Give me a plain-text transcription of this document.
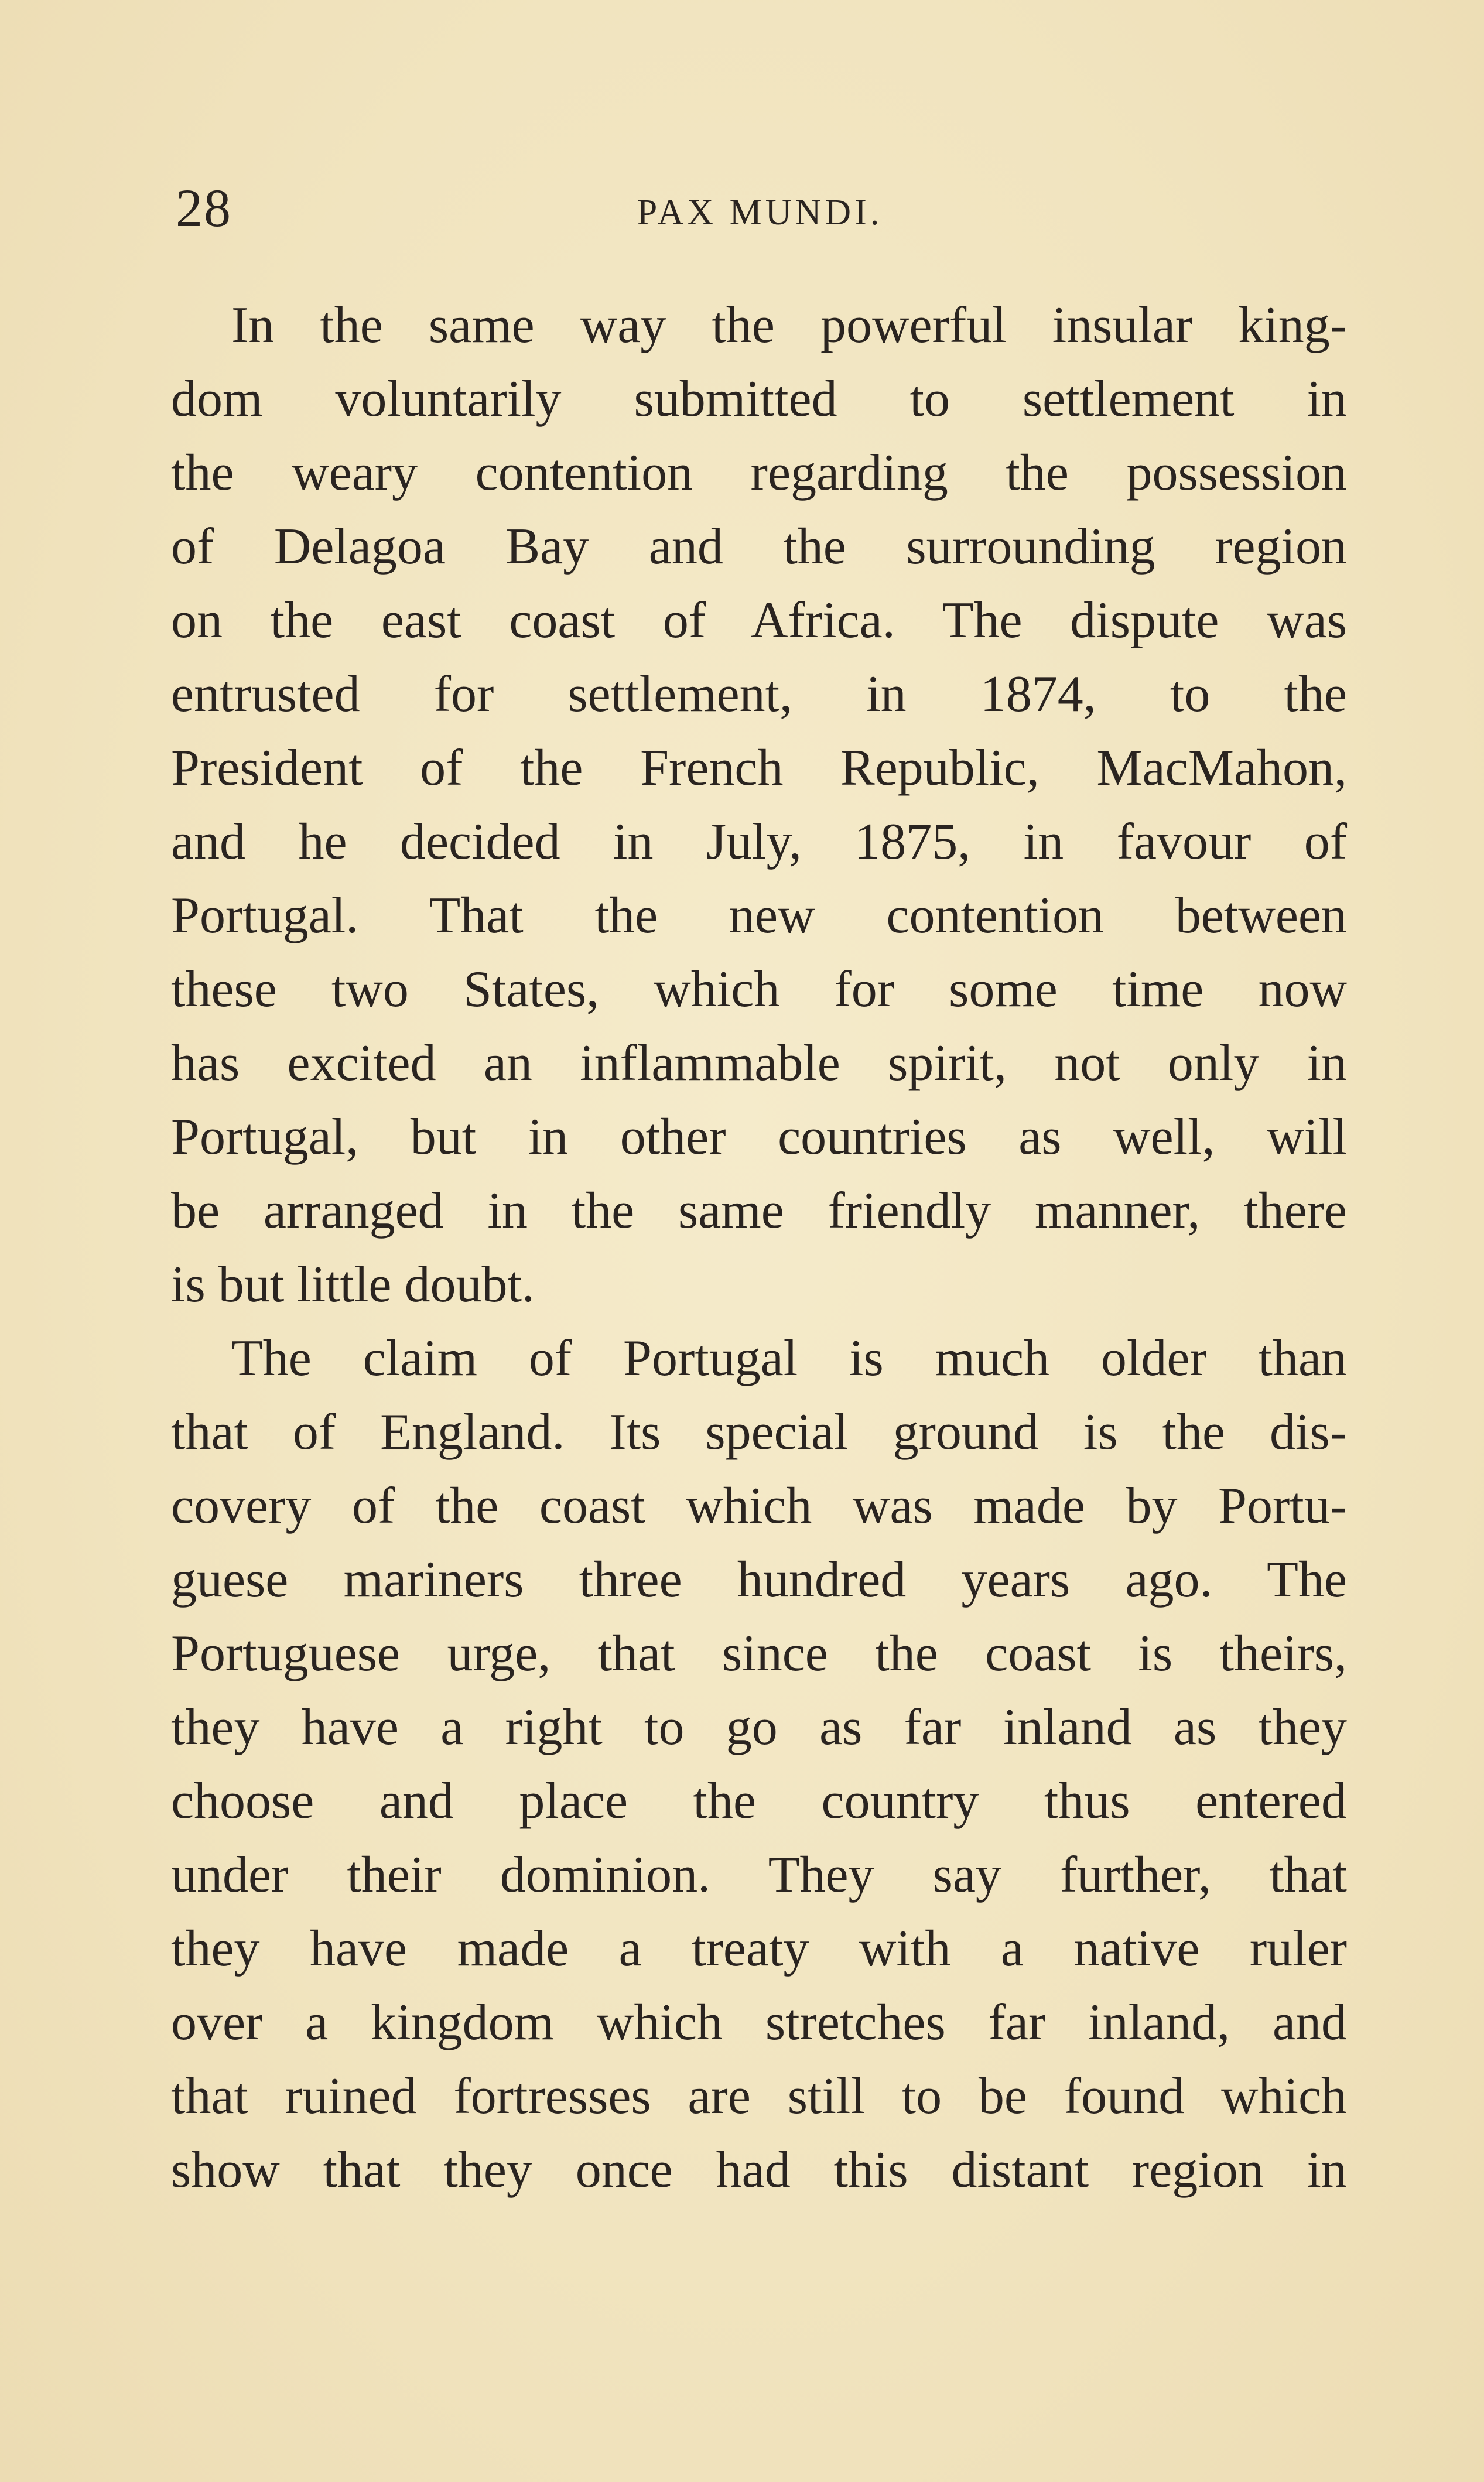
28	PAX MUNDI.
In the same way the powerful insular king-
dom voluntarily submitted to settlement in
the weary contention regarding the possession
of Delagoa Bay and the surrounding region
on the east coast of Africa. The dispute was
entrusted for settlement, in 1874, to the
President of the French Republic, MacMahon,
and he decided in July, 1875, in favour of
Portugal. That the new contention between
these two States, which for some time now
has excited an inflammable spirit, not only in
Portugal, but in other countries as well, will
be arranged in the same friendly manner, there
is but little doubt.
The claim of Portugal is much older than
that of England. Its special ground is the dis-
covery of the coast which was made by Portu-
guese mariners three hundred years ago. The
Portuguese urge, that since the coast is theirs,
they have a right to go as far inland as they
choose and place the country thus entered
under their dominion. They say further, that
they have made a treaty with a native ruler
over a kingdom which stretches far inland, and
that ruined fortresses are still to be found which
show that they once had this distant region in
